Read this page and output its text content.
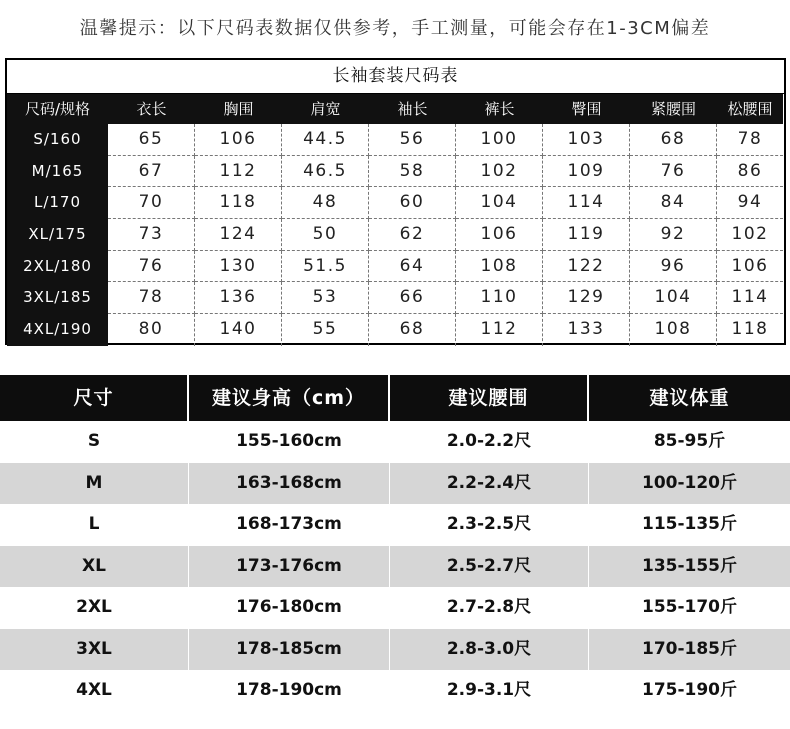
温馨提示：以下尺码表数据仅供参考，手工测量，可能会存在1-3CM偏差
长袖套装尺码表
尺码/规格	衣长	胸围	肩宽	袖长	裤长	臀围	紧腰围	松腰围
S/160	65	106	44.5	56	100	103	68	78
M/165	67	112	46.5	58	102	109	76	86
L/170	70	118	48	60	104	114	84	94
XL/175	73	124	50	62	106	119	92	102
2XL/180	76	130	51.5	64	108	122	96	106
3XL/185	78	136	53	66	110	129	104	114
4XL/190	80	140	55	68	112	133	108	118
尺寸	建议身高（cm）	建议腰围	建议体重
S	155-160cm	2.0-2.2尺	85-95斤
M	163-168cm	2.2-2.4尺	100-120斤
L	168-173cm	2.3-2.5尺	115-135斤
XL	173-176cm	2.5-2.7尺	135-155斤
2XL	176-180cm	2.7-2.8尺	155-170斤
3XL	178-185cm	2.8-3.0尺	170-185斤
4XL	178-190cm	2.9-3.1尺	175-190斤
